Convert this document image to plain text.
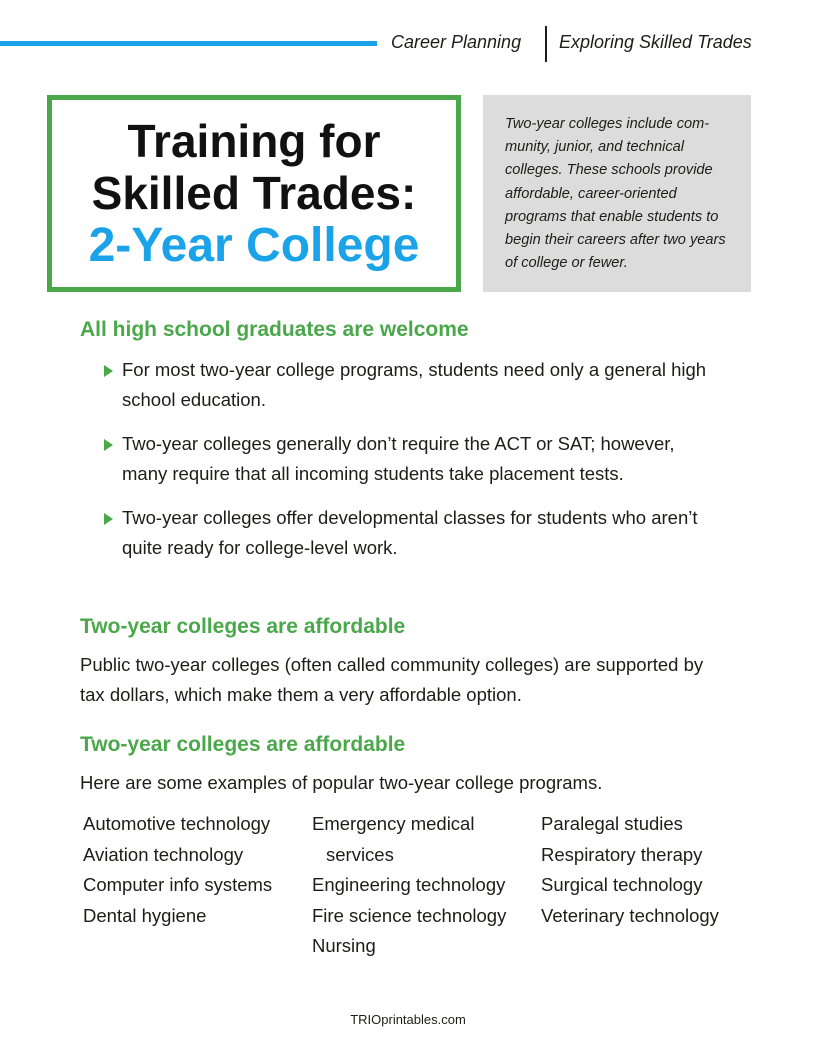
Career Planning Exploring Skilled Trades
Training for
Skilled Trades:
2-Year College

Two-year colleges include com-munity, junior, and technical colleges. These schools provide affordable, career-oriented programs that enable students to begin their careers after two years of college or fewer.

All high school graduates are welcome
For most two-year college programs, students need only a general high school education.
Two-year colleges generally don’t require the ACT or SAT; however, many require that all incoming students take placement tests.
Two-year colleges offer developmental classes for students who aren’t quite ready for college-level work.
Two-year colleges are affordable

Public two-year colleges (often called community colleges) are supported by tax dollars, which make them a very affordable option.

Two-year colleges are affordable

Here are some examples of popular two-year college programs.

Automotive technology
Aviation technology
Computer info systems
Dental hygiene
Emergency medical
services
Engineering technology
Fire science technology
Nursing
Paralegal studies
Respiratory therapy
Surgical technology
Veterinary technology
TRIOprintables.com
